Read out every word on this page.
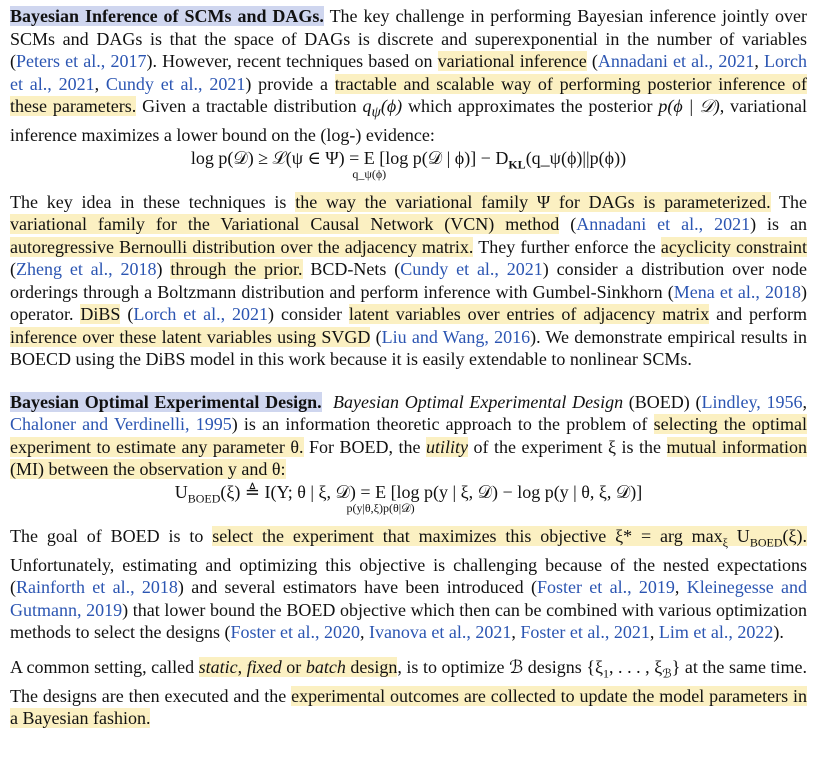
Bayesian Inference of SCMs and DAGs. The key challenge in performing Bayesian inference jointly over SCMs and DAGs is that the space of DAGs is discrete and superexponential in the number of variables (Peters et al., 2017). However, recent techniques based on variational inference (Annadani et al., 2021, Lorch et al., 2021, Cundy et al., 2021) provide a tractable and scalable way of performing posterior inference of these parameters. Given a tractable distribution $q_\psi(\phi)$ which approximates the posterior p(ϕ | 𝒟), variational inference maximizes a lower bound on the (log-) evidence:

log p(𝒟) ≥ ℒ(ψ ∈ Ψ) = E
q_ψ(ϕ)
[log p(𝒟 | $\phi)] - D_{KL}(q\_\psi(\phi)||p(\phi))$

The key idea in these techniques is the way the variational family Ψ for DAGs is parameterized. The variational family for the Variational Causal Network (VCN) method (Annadani et al., 2021) is an autoregressive Bernoulli distribution over the adjacency matrix. They further enforce the acyclicity constraint (Zheng et al., 2018) through the prior. BCD-Nets (Cundy et al., 2021) consider a distribution over node orderings through a Boltzmann distribution and perform inference with Gumbel-Sinkhorn (Mena et al., 2018) operator. DiBS (Lorch et al., 2021) consider latent variables over entries of adjacency matrix and perform inference over these latent variables using SVGD (Liu and Wang, 2016). We demonstrate empirical results in BOECD using the DiBS model in this work because it is easily extendable to nonlinear SCMs.

Bayesian Optimal Experimental Design. Bayesian Optimal Experimental Design (BOED) (Lindley, 1956, Chaloner and Verdinelli, 1995) is an information theoretic approach to the problem of selecting the optimal experiment to estimate any parameter θ. For BOED, the utility of the experiment ξ is the mutual information (MI) between the observation y and θ:

$U_{BOED}(\xi)$ ≜ I(Y; θ | ξ, 𝒟) = E
p(y|θ,ξ)p(θ|𝒟)
[log p(y | ξ, 𝒟) − log p(y | θ, ξ, 𝒟)]

The goal of BOED is to select the experiment that maximizes this objective ξ* = arg $\max_\xi U_{BOED}(\xi)$. Unfortunately, estimating and optimizing this objective is challenging because of the nested expectations (Rainforth et al., 2018) and several estimators have been introduced (Foster et al., 2019, Kleinegesse and Gutmann, 2019) that lower bound the BOED objective which then can be combined with various optimization methods to select the designs (Foster et al., 2020, Ivanova et al., 2021, Foster et al., 2021, Lim et al., 2022).

A common setting, called static, fixed or batch design, is to optimize ℬ designs {$\xi_1$, . . . , $\xi_ℬ$} at the same time. The designs are then executed and the experimental outcomes are collected to update the model parameters in a Bayesian fashion.
